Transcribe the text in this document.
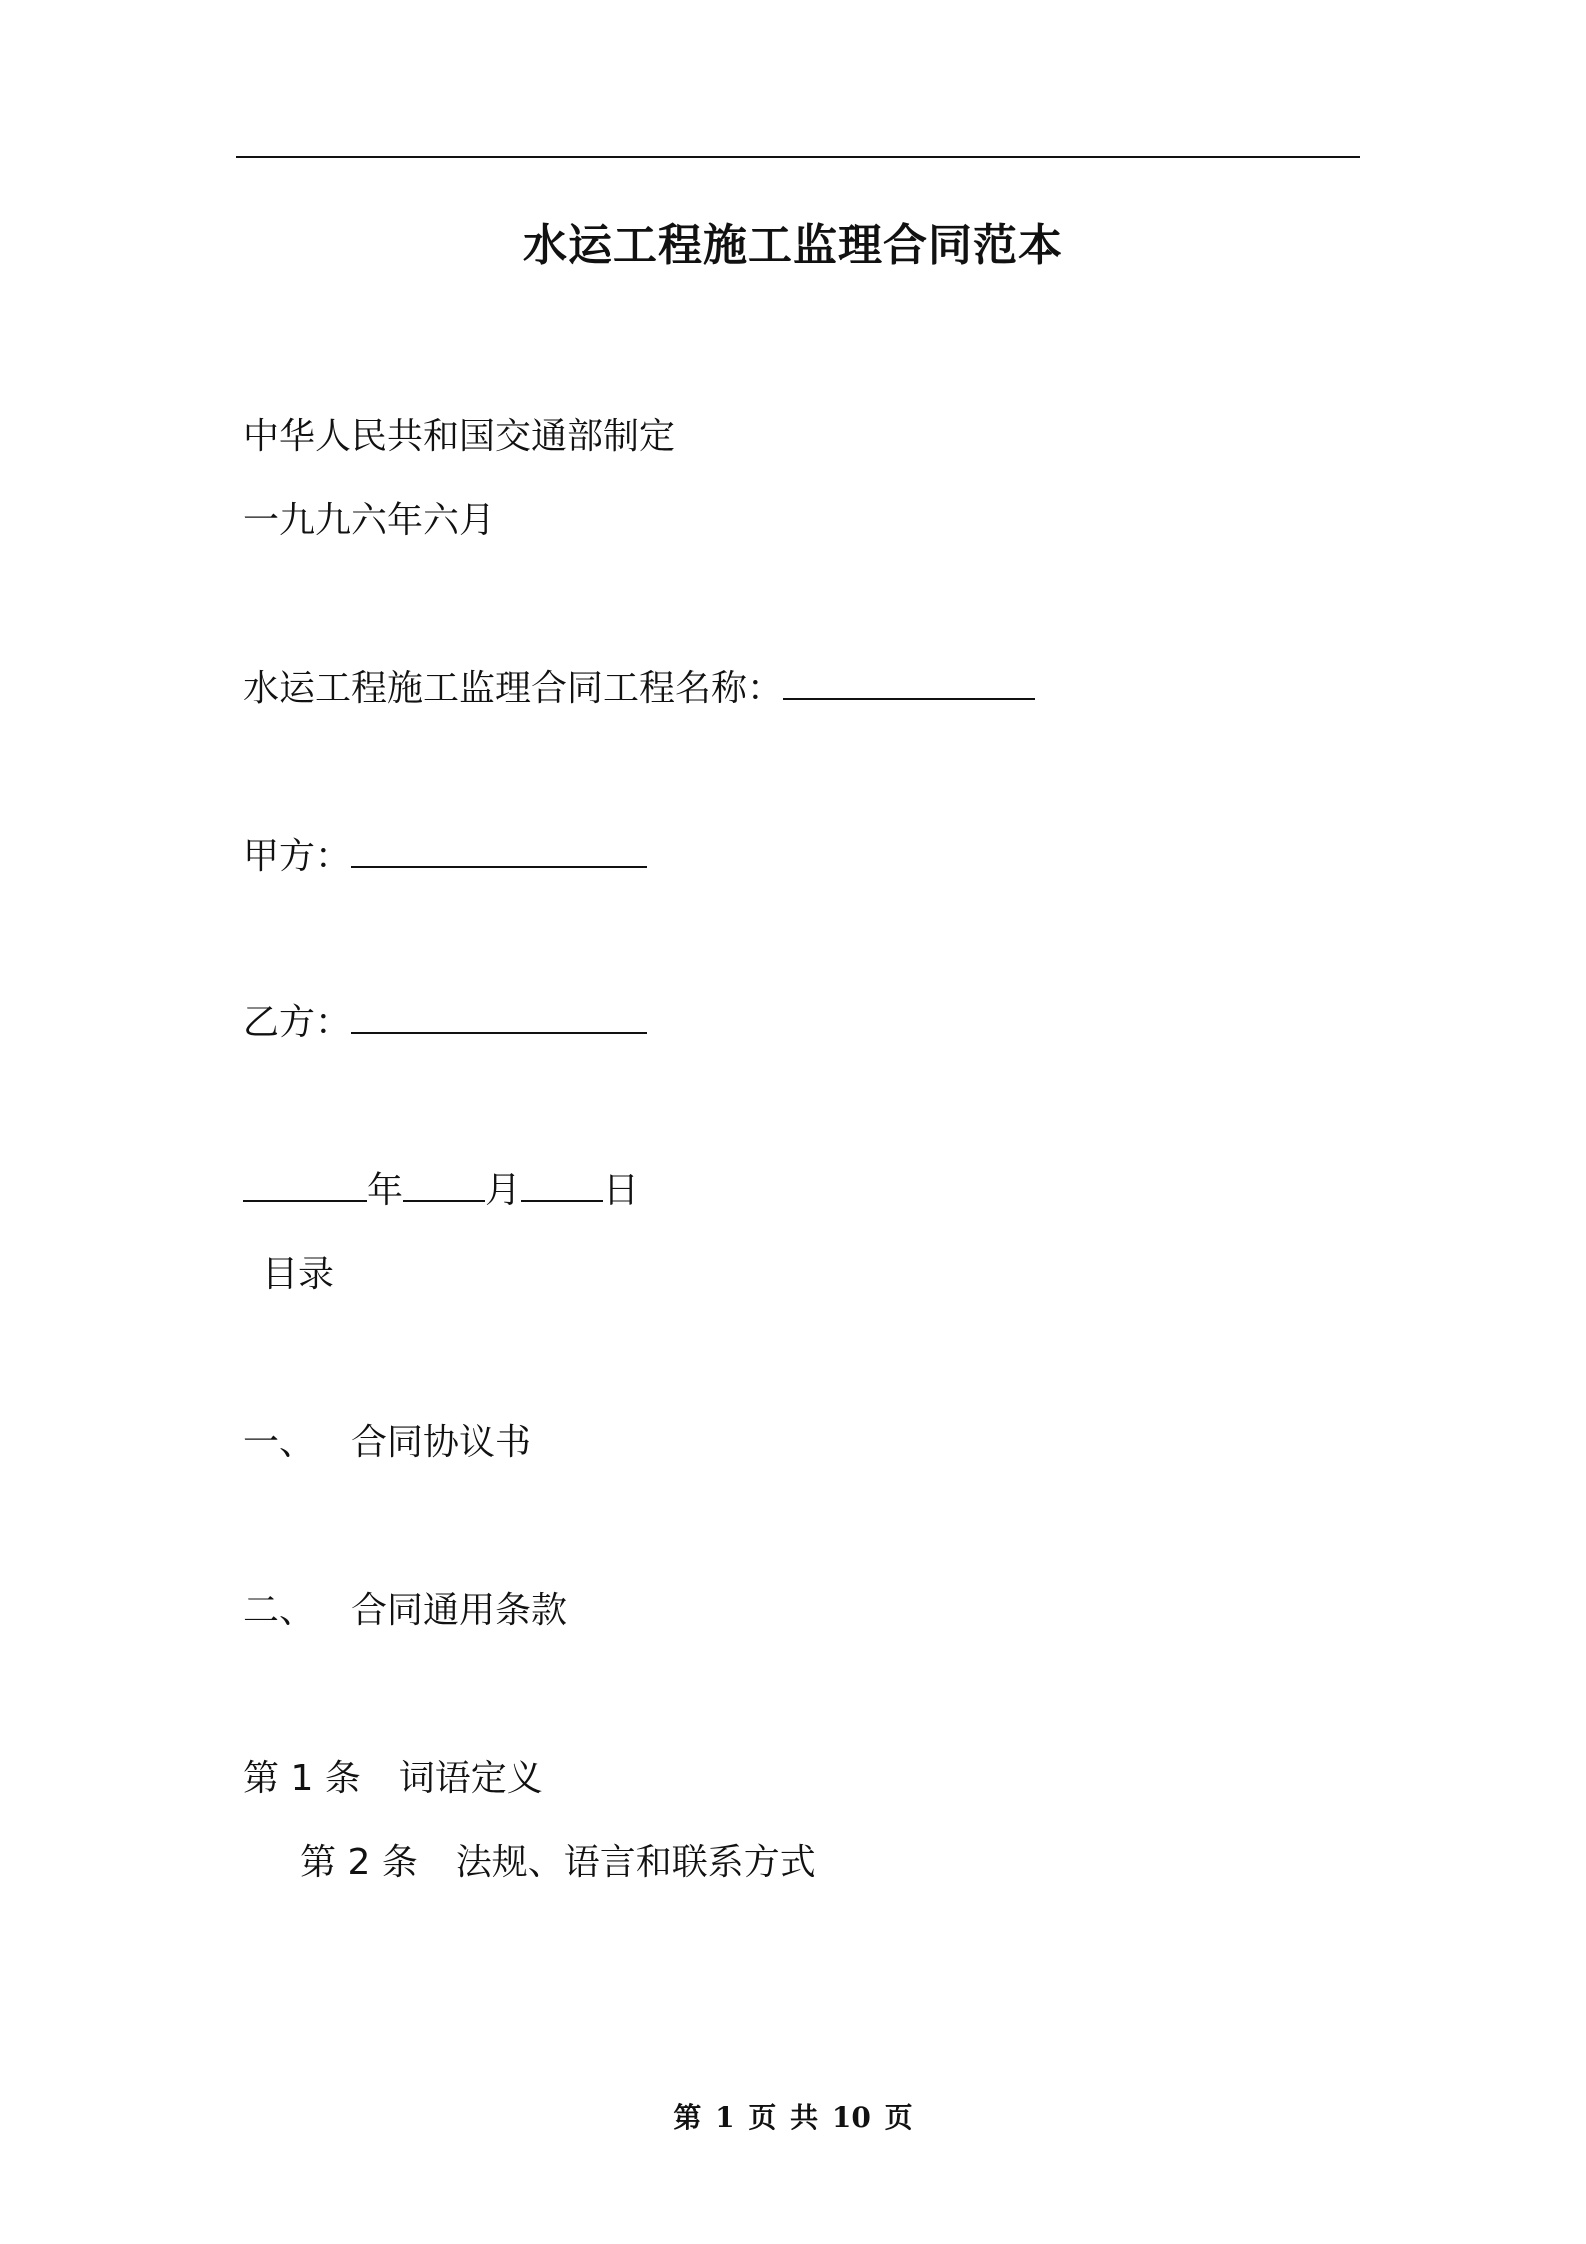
水运工程施工监理合同范本
中华人民共和国交通部制定
一九九六年六月
水运工程施工监理合同工程名称：
甲方：
乙方：
年 月 日
目录
一、 合同协议书
二、 合同通用条款
第 1 条 词语定义
第 2 条 法规、语言和联系方式
第 1 页 共 10 页
